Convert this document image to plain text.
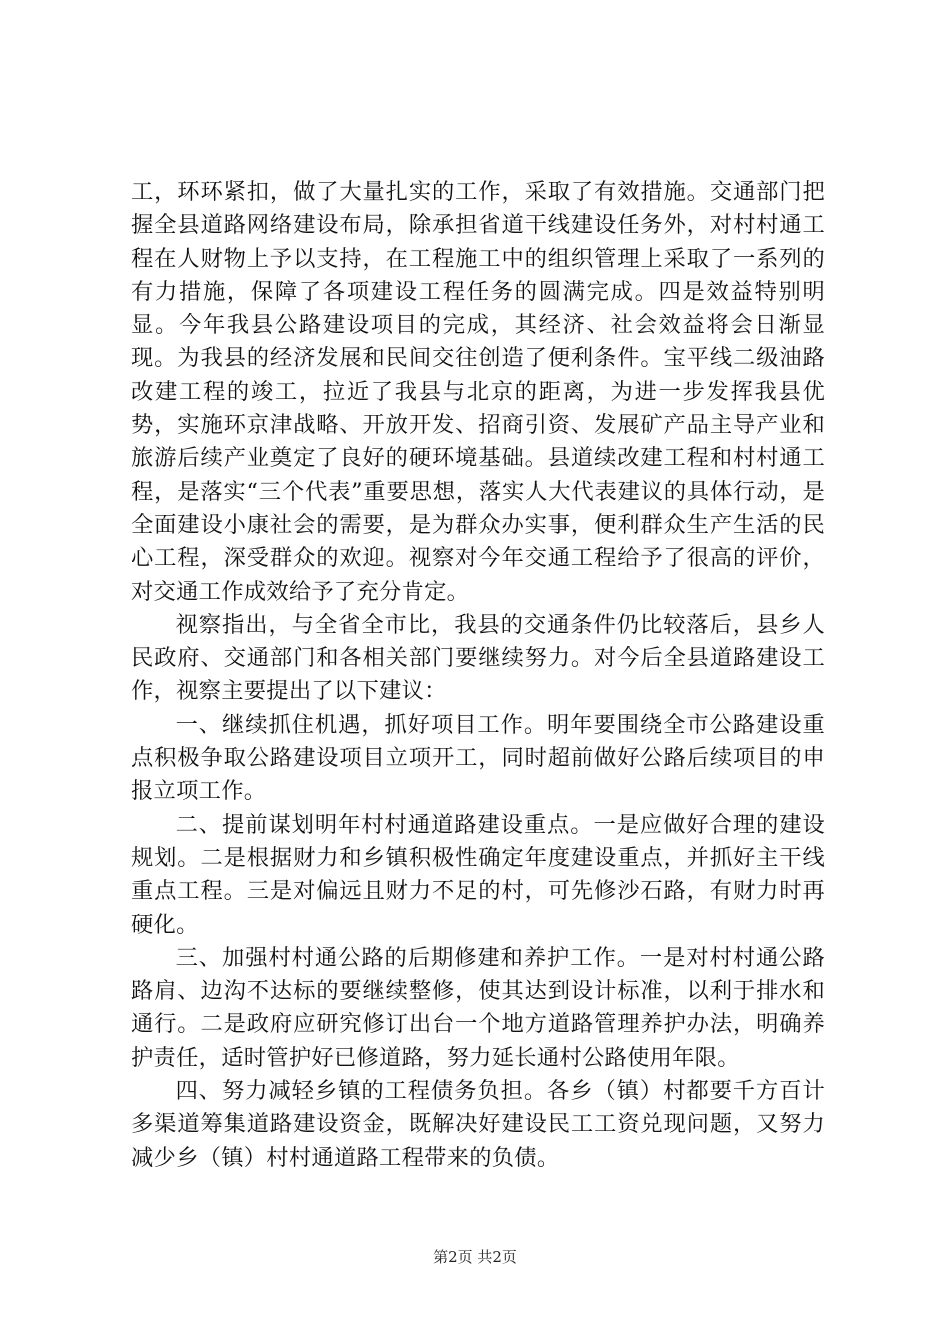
工，环环紧扣，做了大量扎实的工作，采取了有效措施。交通部门把握全县道路网络建设布局，除承担省道干线建设任务外，对村村通工程在人财物上予以支持，在工程施工中的组织管理上采取了一系列的有力措施，保障了各项建设工程任务的圆满完成。四是效益特别明显。今年我县公路建设项目的完成，其经济、社会效益将会日渐显现。为我县的经济发展和民间交往创造了便利条件。宝平线二级油路改建工程的竣工，拉近了我县与北京的距离，为进一步发挥我县优势，实施环京津战略、开放开发、招商引资、发展矿产品主导产业和旅游后续产业奠定了良好的硬环境基础。县道续改建工程和村村通工程，是落实“三个代表”重要思想，落实人大代表建议的具体行动，是全面建设小康社会的需要，是为群众办实事，便利群众生产生活的民心工程，深受群众的欢迎。视察对今年交通工程给予了很高的评价，对交通工作成效给予了充分肯定。

视察指出，与全省全市比，我县的交通条件仍比较落后，县乡人民政府、交通部门和各相关部门要继续努力。对今后全县道路建设工作，视察主要提出了以下建议：

一、继续抓住机遇，抓好项目工作。明年要围绕全市公路建设重点积极争取公路建设项目立项开工，同时超前做好公路后续项目的申报立项工作。

二、提前谋划明年村村通道路建设重点。一是应做好合理的建设规划。二是根据财力和乡镇积极性确定年度建设重点，并抓好主干线重点工程。三是对偏远且财力不足的村，可先修沙石路，有财力时再硬化。

三、加强村村通公路的后期修建和养护工作。一是对村村通公路路肩、边沟不达标的要继续整修，使其达到设计标准，以利于排水和通行。二是政府应研究修订出台一个地方道路管理养护办法，明确养护责任，适时管护好已修道路，努力延长通村公路使用年限。

四、努力减轻乡镇的工程债务负担。各乡（镇）村都要千方百计多渠道筹集道路建设资金，既解决好建设民工工资兑现问题，又努力减少乡（镇）村村通道路工程带来的负债。

第2页 共2页
